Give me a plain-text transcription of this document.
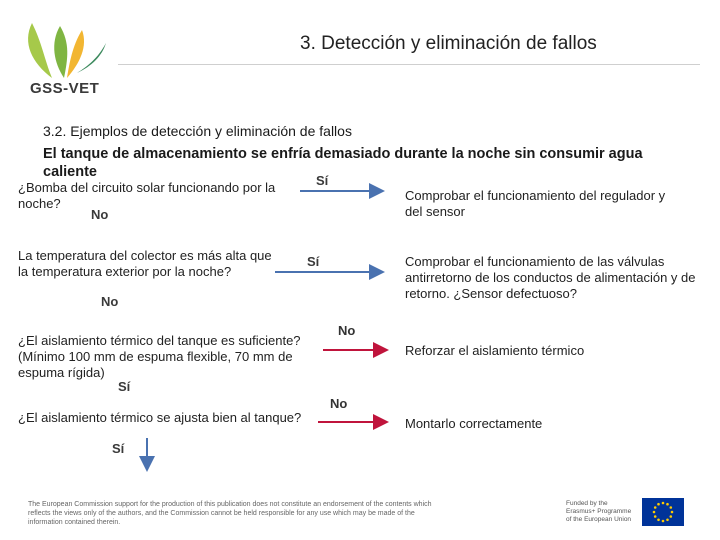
GSS-VET
3. Detección y eliminación de fallos
3.2. Ejemplos de detección y eliminación de fallos
El tanque de almacenamiento se enfría demasiado durante la noche sin consumir agua caliente
¿Bomba del circuito solar funcionando por la noche?
Sí
No
Comprobar el funcionamiento del regulador y del sensor
La temperatura del colector es más alta que la temperatura exterior por la noche?
Sí
No
Comprobar el funcionamiento de las válvulas antirretorno de los conductos de alimentación y de retorno. ¿Sensor defectuoso?
¿El aislamiento térmico del tanque es suficiente? (Mínimo 100 mm de espuma flexible, 70 mm de espuma rígida)
No
Sí
Reforzar el aislamiento térmico
¿El aislamiento térmico se ajusta bien al tanque?
No
Sí
Montarlo correctamente
The European Commission support for the production of this publication does not constitute an endorsement of the contents which reflects the views only of the authors, and the Commission cannot be held responsible for any use which may be made of the information contained therein.
Funded by the Erasmus+ Programme of the European Union
